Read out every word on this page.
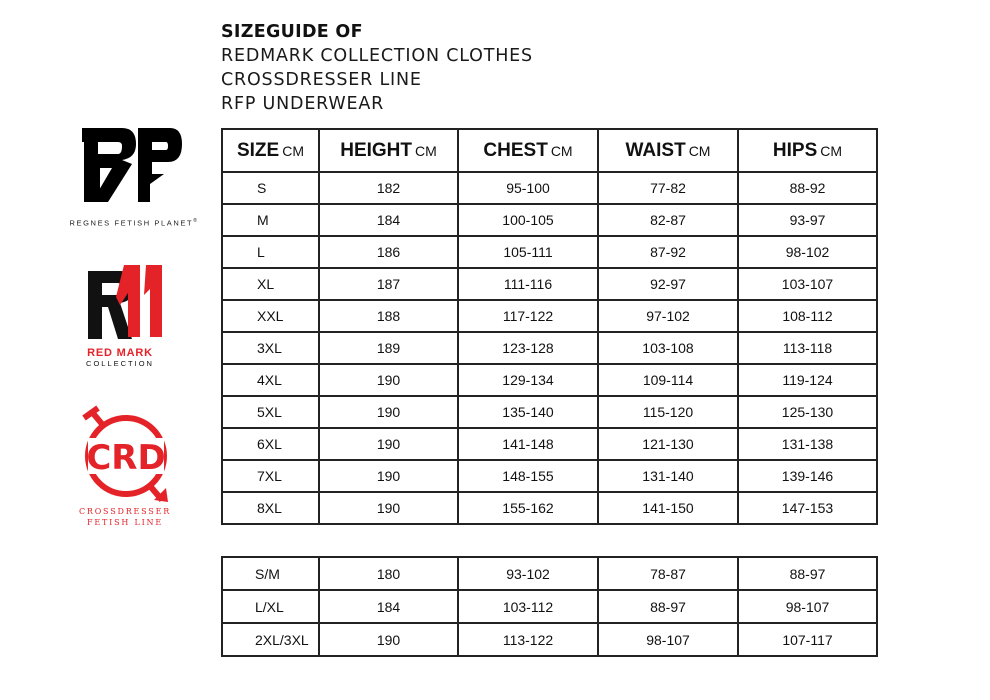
SIZEGUIDE OF
REDMARK COLLECTION CLOTHES
CROSSDRESSER LINE
RFP UNDERWEAR
REGNES FETISH PLANET®
RED MARK
COLLECTION
CRD
CROSSDRESSER
FETISH LINE
SIZE CM	HEIGHT CM	CHEST CM	WAIST CM	HIPS CM
S	182	95-100	77-82	88-92
M	184	100-105	82-87	93-97
L	186	105-111	87-92	98-102
XL	187	111-116	92-97	103-107
XXL	188	117-122	97-102	108-112
3XL	189	123-128	103-108	113-118
4XL	190	129-134	109-114	119-124
5XL	190	135-140	115-120	125-130
6XL	190	141-148	121-130	131-138
7XL	190	148-155	131-140	139-146
8XL	190	155-162	141-150	147-153
S/M	180	93-102	78-87	88-97
L/XL	184	103-112	88-97	98-107
2XL/3XL	190	113-122	98-107	107-117
